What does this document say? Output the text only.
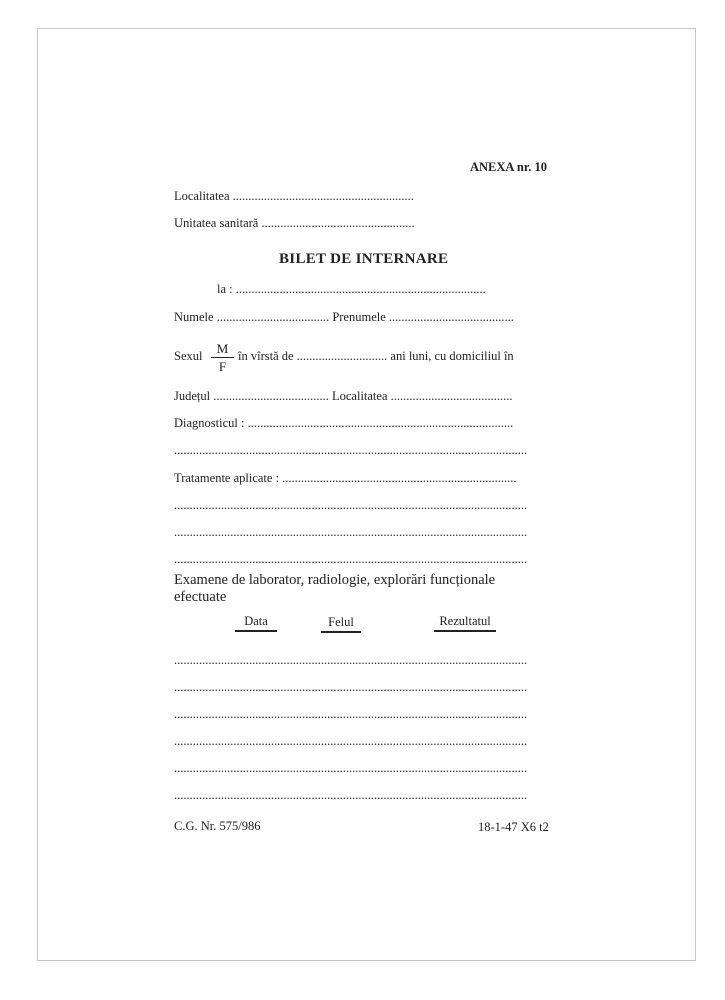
ANEXA nr. 10
Localitatea ..........................................................
Unitatea sanitară .................................................
BILET DE INTERNARE
la : ................................................................................
Numele .................................... Prenumele ........................................
Sexul	M
F
în vîrstă de ............................. ani luni, cu domiciliul în
Județul ..................................... Localitatea .......................................
Diagnosticul : .....................................................................................
.................................................................................................................
Tratamente aplicate : ...........................................................................
.................................................................................................................
.................................................................................................................
.................................................................................................................
Examene de laborator, radiologie, explorări funcționale
efectuate
Data	Felul	Rezultatul
.................................................................................................................
.................................................................................................................
.................................................................................................................
.................................................................................................................
.................................................................................................................
.................................................................................................................
C.G. Nr. 575/986	18-1-47 X6 t2
